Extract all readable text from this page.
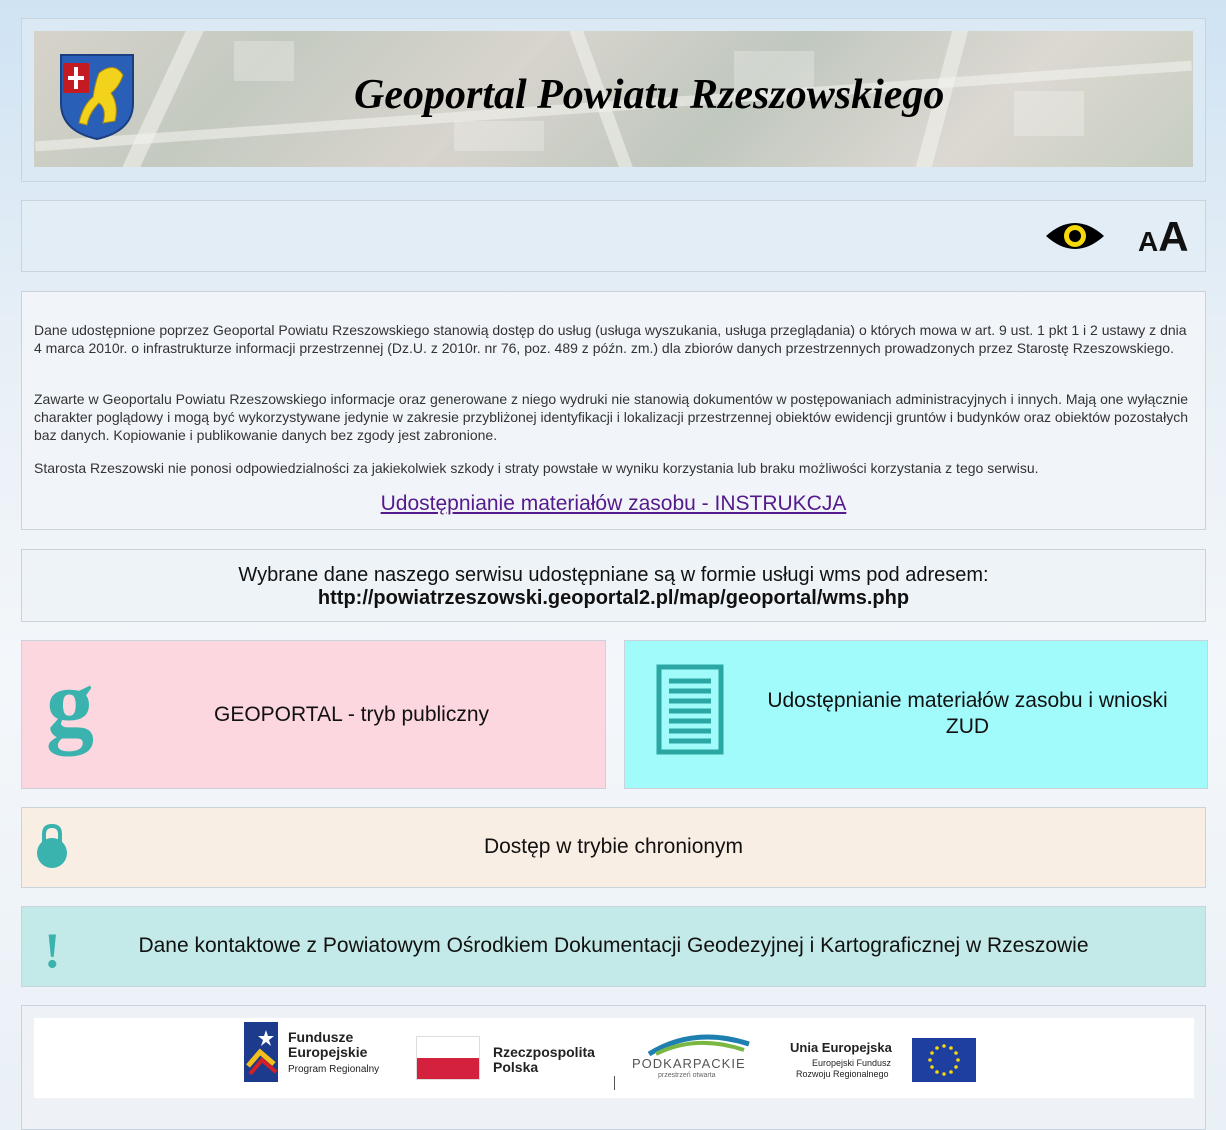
Geoportal Powiatu Rzeszowskiego
AA

Dane udostępnione poprzez Geoportal Powiatu Rzeszowskiego stanowią dostęp do usług (usługa wyszukania, usługa przeglądania) o których mowa w art. 9 ust. 1 pkt 1 i 2 ustawy z dnia 4 marca 2010r. o infrastrukturze informacji przestrzennej (Dz.U. z 2010r. nr 76, poz. 489 z późn. zm.) dla zbiorów danych przestrzennych prowadzonych przez Starostę Rzeszowskiego.

Zawarte w Geoportalu Powiatu Rzeszowskiego informacje oraz generowane z niego wydruki nie stanowią dokumentów w postępowaniach administracyjnych i innych. Mają one wyłącznie charakter poglądowy i mogą być wykorzystywane jedynie w zakresie przybliżonej identyfikacji i lokalizacji przestrzennej obiektów ewidencji gruntów i budynków oraz obiektów pozostałych baz danych. Kopiowanie i publikowanie danych bez zgody jest zabronione.

Starosta Rzeszowski nie ponosi odpowiedzialności za jakiekolwiek szkody i straty powstałe w wyniku korzystania lub braku możliwości korzystania z tego serwisu.

Udostępnianie materiałów zasobu - INSTRUKCJA
Wybrane dane naszego serwisu udostępniane są w formie usługi wms pod adresem:
http://powiatrzeszowski.geoportal2.pl/map/geoportal/wms.php
g	GEOPORTAL - tryb publiczny
Udostępnianie materiałów zasobu i wnioski ZUD
Dostęp w trybie chronionym
!	Dane kontaktowe z Powiatowym Ośrodkiem Dokumentacji Geodezyjnej i Kartograficznej w Rzeszowie
Fundusze
Europejskie
Program Regionalny
Rzeczpospolita
Polska	PODKARPACKIE
przestrzeń otwarta
Unia Europejska
Europejski Fundusz
Rozwoju Regionalnego
